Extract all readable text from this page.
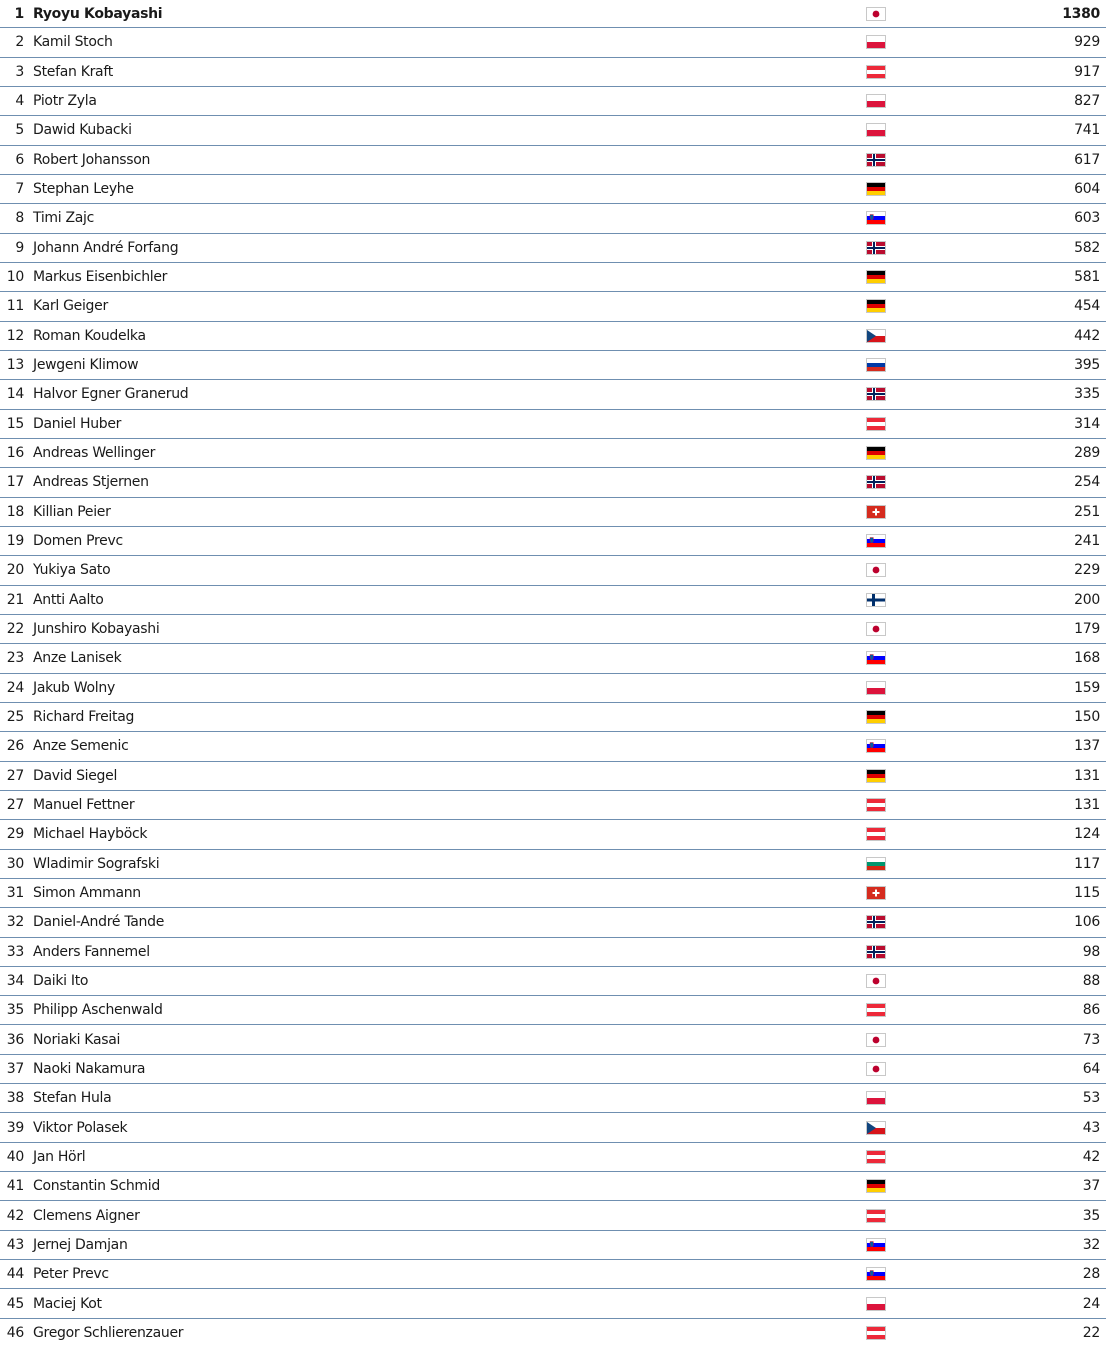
1 Ryoyu Kobayashi	1380
2 Kamil Stoch	929
3 Stefan Kraft	917
4 Piotr Zyla	827
5 Dawid Kubacki	741
6 Robert Johansson	617
7 Stephan Leyhe	604
8 Timi Zajc	603
9 Johann André Forfang	582
10 Markus Eisenbichler	581
11 Karl Geiger	454
12 Roman Koudelka	442
13 Jewgeni Klimow	395
14 Halvor Egner Granerud	335
15 Daniel Huber	314
16 Andreas Wellinger	289
17 Andreas Stjernen	254
18 Killian Peier	251
19 Domen Prevc	241
20 Yukiya Sato	229
21 Antti Aalto	200
22 Junshiro Kobayashi	179
23 Anze Lanisek	168
24 Jakub Wolny	159
25 Richard Freitag	150
26 Anze Semenic	137
27 David Siegel	131
27 Manuel Fettner	131
29 Michael Hayböck	124
30 Wladimir Sografski	117
31 Simon Ammann	115
32 Daniel-André Tande	106
33 Anders Fannemel	98
34 Daiki Ito	88
35 Philipp Aschenwald	86
36 Noriaki Kasai	73
37 Naoki Nakamura	64
38 Stefan Hula	53
39 Viktor Polasek	43
40 Jan Hörl	42
41 Constantin Schmid	37
42 Clemens Aigner	35
43 Jernej Damjan	32
44 Peter Prevc	28
45 Maciej Kot	24
46 Gregor Schlierenzauer	22
